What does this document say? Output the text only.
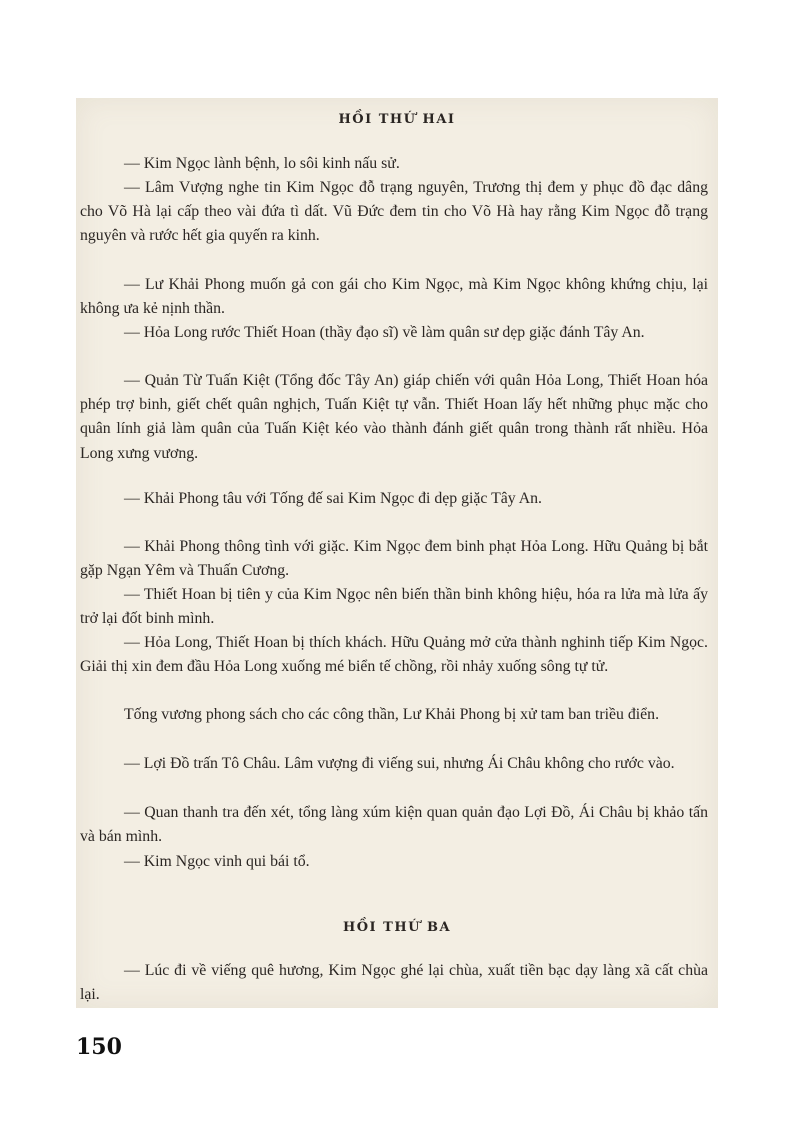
HỒI THỨ HAI

— Kim Ngọc lành bệnh, lo sôi kinh nấu sử.

— Lâm Vượng nghe tin Kim Ngọc đỗ trạng nguyên, Trương thị đem y phục đồ đạc dâng cho Võ Hà lại cấp theo vài đứa tì dất. Vũ Đức đem tin cho Võ Hà hay rằng Kim Ngọc đỗ trạng nguyên và rước hết gia quyến ra kinh.

— Lư Khải Phong muốn gả con gái cho Kim Ngọc, mà Kim Ngọc không khứng chịu, lại không ưa kẻ nịnh thần.

— Hỏa Long rước Thiết Hoan (thầy đạo sĩ) về làm quân sư dẹp giặc đánh Tây An.

— Quản Từ Tuấn Kiệt (Tổng đốc Tây An) giáp chiến với quân Hỏa Long, Thiết Hoan hóa phép trợ binh, giết chết quân nghịch, Tuấn Kiệt tự vẫn. Thiết Hoan lấy hết những phục mặc cho quân lính giả làm quân của Tuấn Kiệt kéo vào thành đánh giết quân trong thành rất nhiều. Hỏa Long xưng vương.

— Khải Phong tâu với Tống đế sai Kim Ngọc đi dẹp giặc Tây An.

— Khải Phong thông tình với giặc. Kim Ngọc đem binh phạt Hỏa Long. Hữu Quảng bị bắt gặp Ngạn Yêm và Thuấn Cương.

— Thiết Hoan bị tiên y của Kim Ngọc nên biến thần binh không hiệu, hóa ra lửa mà lửa ấy trở lại đốt binh mình.

— Hỏa Long, Thiết Hoan bị thích khách. Hữu Quảng mở cửa thành nghinh tiếp Kim Ngọc. Giải thị xin đem đầu Hỏa Long xuống mé biển tế chồng, rồi nhảy xuống sông tự tử.

Tống vương phong sách cho các công thần, Lư Khải Phong bị xử tam ban triều điển.

— Lợi Đồ trấn Tô Châu. Lâm vượng đi viếng sui, nhưng Ái Châu không cho rước vào.

— Quan thanh tra đến xét, tổng làng xúm kiện quan quản đạo Lợi Đồ, Ái Châu bị khảo tấn và bán mình.

— Kim Ngọc vinh qui bái tổ.

HỒI THỨ BA

— Lúc đi về viếng quê hương, Kim Ngọc ghé lại chùa, xuất tiền bạc dạy làng xã cất chùa lại.

150
